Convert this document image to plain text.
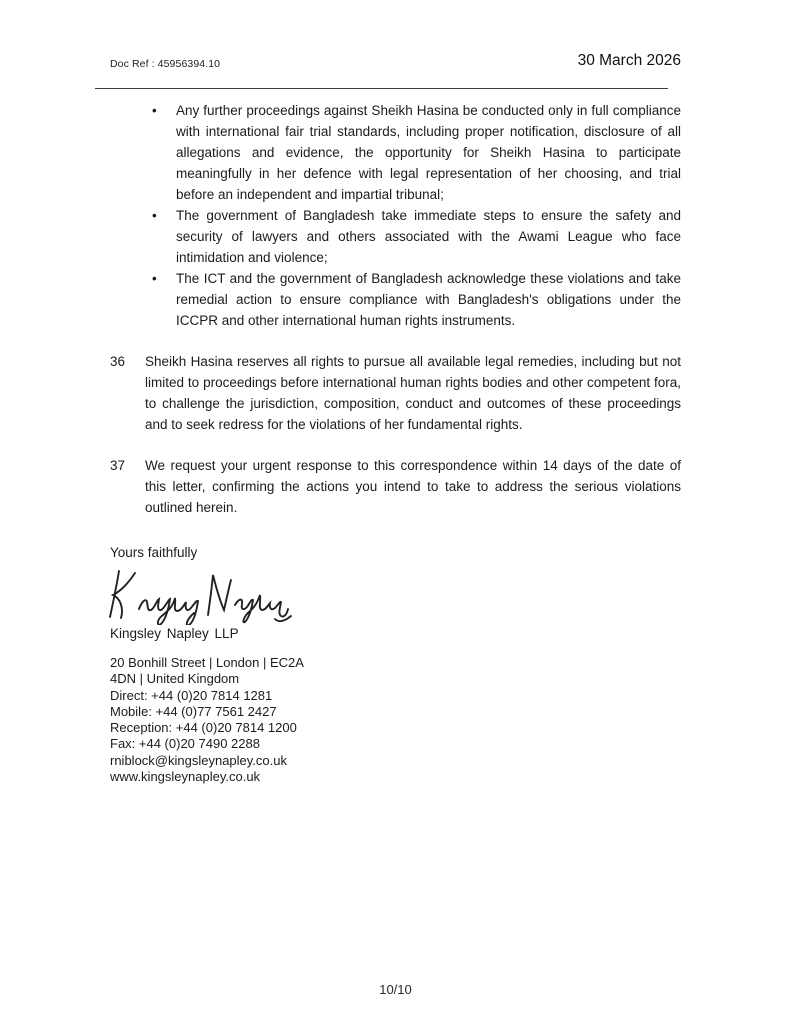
Doc Ref : 45956394.10	30 March 2026
• Any further proceedings against Sheikh Hasina be conducted only in full compliance with international fair trial standards, including proper notification, disclosure of all allegations and evidence, the opportunity for Sheikh Hasina to participate meaningfully in her defence with legal representation of her choosing, and trial before an independent and impartial tribunal;
• The government of Bangladesh take immediate steps to ensure the safety and security of lawyers and others associated with the Awami League who face intimidation and violence;
• The ICT and the government of Bangladesh acknowledge these violations and take remedial action to ensure compliance with Bangladesh's obligations under the ICCPR and other international human rights instruments.
36	Sheikh Hasina reserves all rights to pursue all available legal remedies, including but not limited to proceedings before international human rights bodies and other competent fora, to challenge the jurisdiction, composition, conduct and outcomes of these proceedings and to seek redress for the violations of her fundamental rights.
37	We request your urgent response to this correspondence within 14 days of the date of this letter, confirming the actions you intend to take to address the serious violations outlined herein.
Yours faithfully
Kingsley Napley LLP
20 Bonhill Street | London | EC2A
4DN | United Kingdom
Direct: +44 (0)20 7814 1281
Mobile: +44 (0)77 7561 2427
Reception: +44 (0)20 7814 1200
Fax: +44 (0)20 7490 2288
rniblock@kingsleynapley.co.uk
www.kingsleynapley.co.uk
10/10
